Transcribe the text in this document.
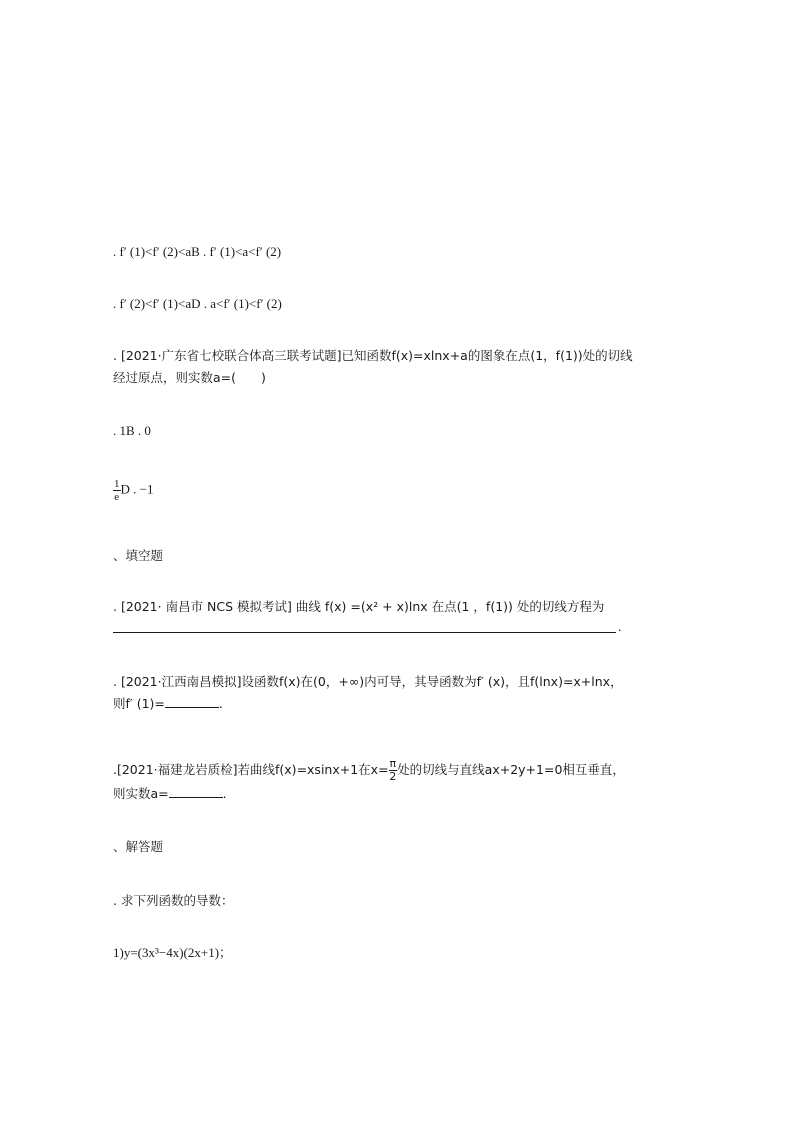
. f′ (1)<f′ (2)<aB . f′ (1)<a<f′ (2)
. f′ (2)<f′ (1)<aD . a<f′ (1)<f′ (2)
. [2021·广东省七校联合体高三联考试题]已知函数f(x)=xlnx+a的图象在点(1，f(1))处的切线
经过原点，则实数a=(　　)
. 1B . 0
$\frac{1}{e}$ D . −1
、填空题
. [2021· 南昌市 NCS 模拟考试] 曲线 f(x) =(x² + x)lnx 在点(1 ，f(1)) 处的切线方程为
.
. [2021·江西南昌模拟]设函数f(x)在(0，+∞)内可导，其导函数为f′ (x)，且f(lnx)=x+lnx，
则f′ (1)=	.
.[2021·福建龙岩质检]若曲线f(x)=xsinx+1在$x= \frac{\pi}{2}$ 处的切线与直线ax+2y+1=0相互垂直，
则实数a=	.
、解答题
. 求下列函数的导数：
1)y=(3x³−4x)(2x+1)；
